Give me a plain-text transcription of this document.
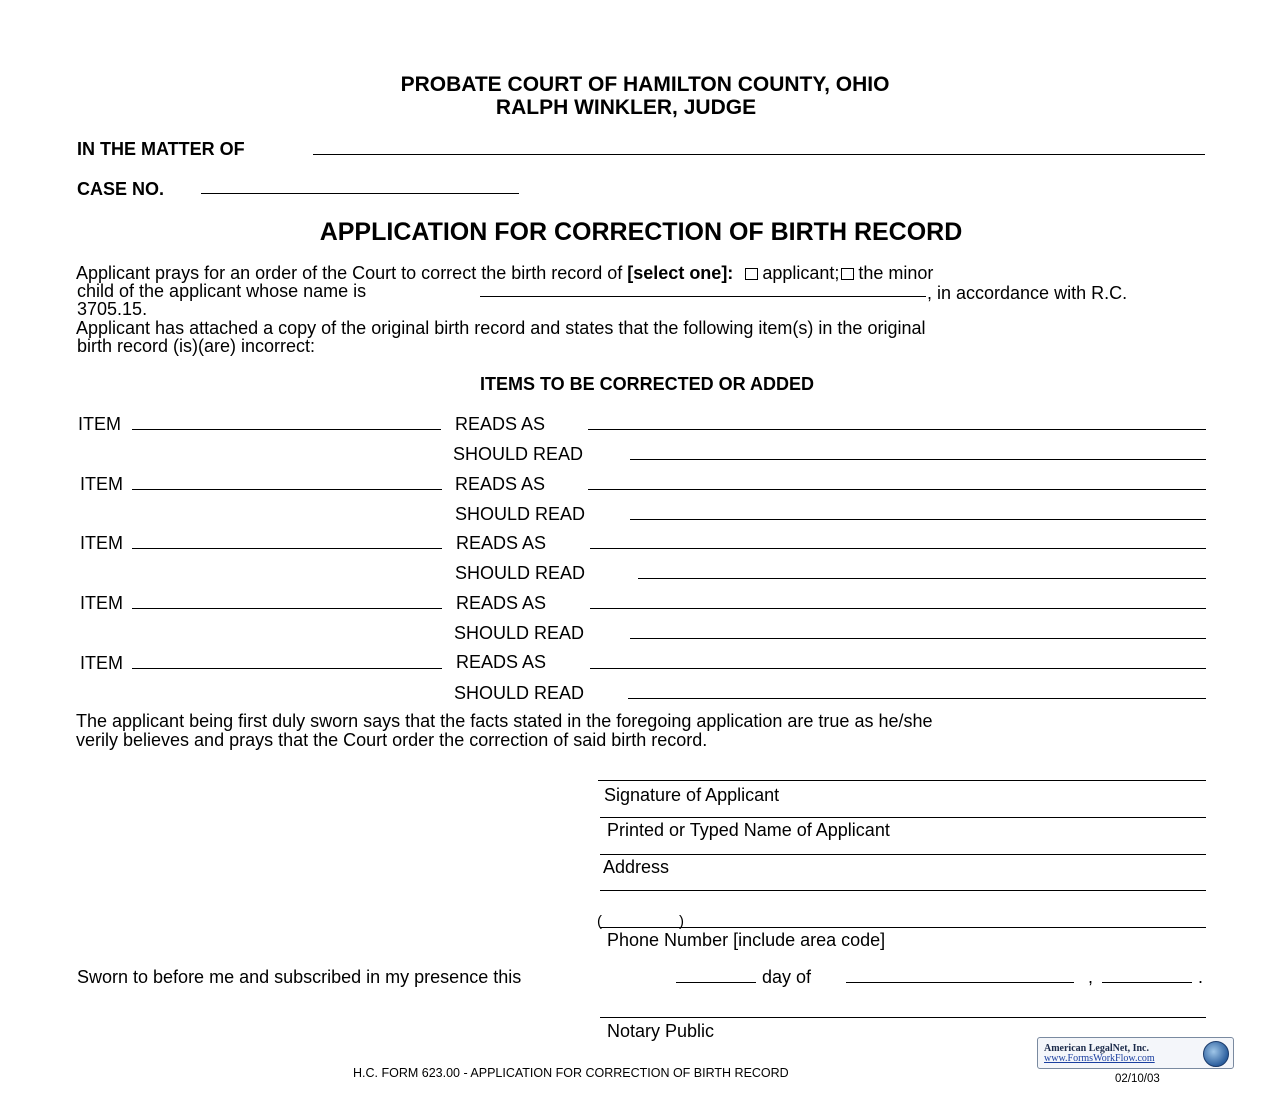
PROBATE COURT OF HAMILTON COUNTY, OHIO
RALPH WINKLER, JUDGE
IN THE MATTER OF
CASE NO.
APPLICATION FOR CORRECTION OF BIRTH RECORD
Applicant prays for an order of the Court to correct the birth record of [select one]: applicant; the minor
child of the applicant whose name is	, in accordance with R.C.
3705.15.
Applicant has attached a copy of the original birth record and states that the following item(s) in the original
birth record (is)(are) incorrect:
ITEMS TO BE CORRECTED OR ADDED
ITEM	READS AS
SHOULD READ
ITEM	READS AS
SHOULD READ
ITEM	READS AS
SHOULD READ
ITEM	READS AS
SHOULD READ
ITEM	READS AS
SHOULD READ
The applicant being first duly sworn says that the facts stated in the foregoing application are true as he/she
verily believes and prays that the Court order the correction of said birth record.
Signature of Applicant
Printed or Typed Name of Applicant
Address
(	)
Phone Number [include area code]
Sworn to before me and subscribed in my presence this	day of	,	.
Notary Public
H.C. FORM 623.00 - APPLICATION FOR CORRECTION OF BIRTH RECORD	02/10/03
American LegalNet, Inc.
www.FormsWorkFlow.com
